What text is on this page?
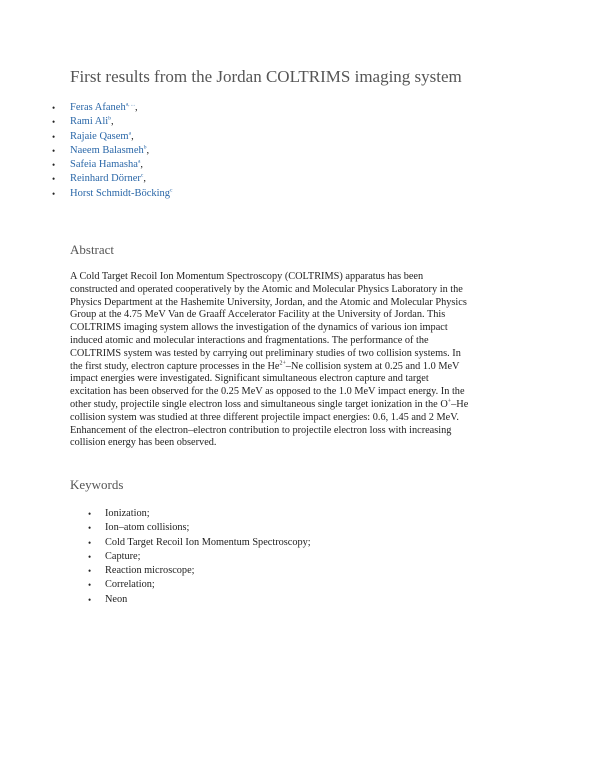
First results from the Jordan COLTRIMS imaging system
• Feras Afaneh$^{a, ...}$,
• Rami Ali$^b$,
• Rajaie Qasem$^a$,
• Naeem Balasmeh$^b$,
• Safeia Hamasha$^a$,
• Reinhard Dörner$^c$,
• Horst Schmidt-Böcking$^c$
Abstract

A Cold Target Recoil Ion Momentum Spectroscopy (COLTRIMS) apparatus has been
constructed and operated cooperatively by the Atomic and Molecular Physics Laboratory in the
Physics Department at the Hashemite University, Jordan, and the Atomic and Molecular Physics
Group at the 4.75 MeV Van de Graaff Accelerator Facility at the University of Jordan. This
COLTRIMS imaging system allows the investigation of the dynamics of various ion impact
induced atomic and molecular interactions and fragmentations. The performance of the
COLTRIMS system was tested by carrying out preliminary studies of two collision systems. In
the first study, electron capture processes in the $He^{2+}-Ne$ collision system at 0.25 and 1.0 MeV
impact energies were investigated. Significant simultaneous electron capture and target
excitation has been observed for the 0.25 MeV as opposed to the 1.0 MeV impact energy. In the
other study, projectile single electron loss and simultaneous single target ionization in the O+–He
collision system was studied at three different projectile impact energies: 0.6, 1.45 and 2 MeV.
Enhancement of the electron–electron contribution to projectile electron loss with increasing
collision energy has been observed.

Keywords
• Ionization;
• Ion–atom collisions;
• Cold Target Recoil Ion Momentum Spectroscopy;
• Capture;
• Reaction microscope;
• Correlation;
• Neon
